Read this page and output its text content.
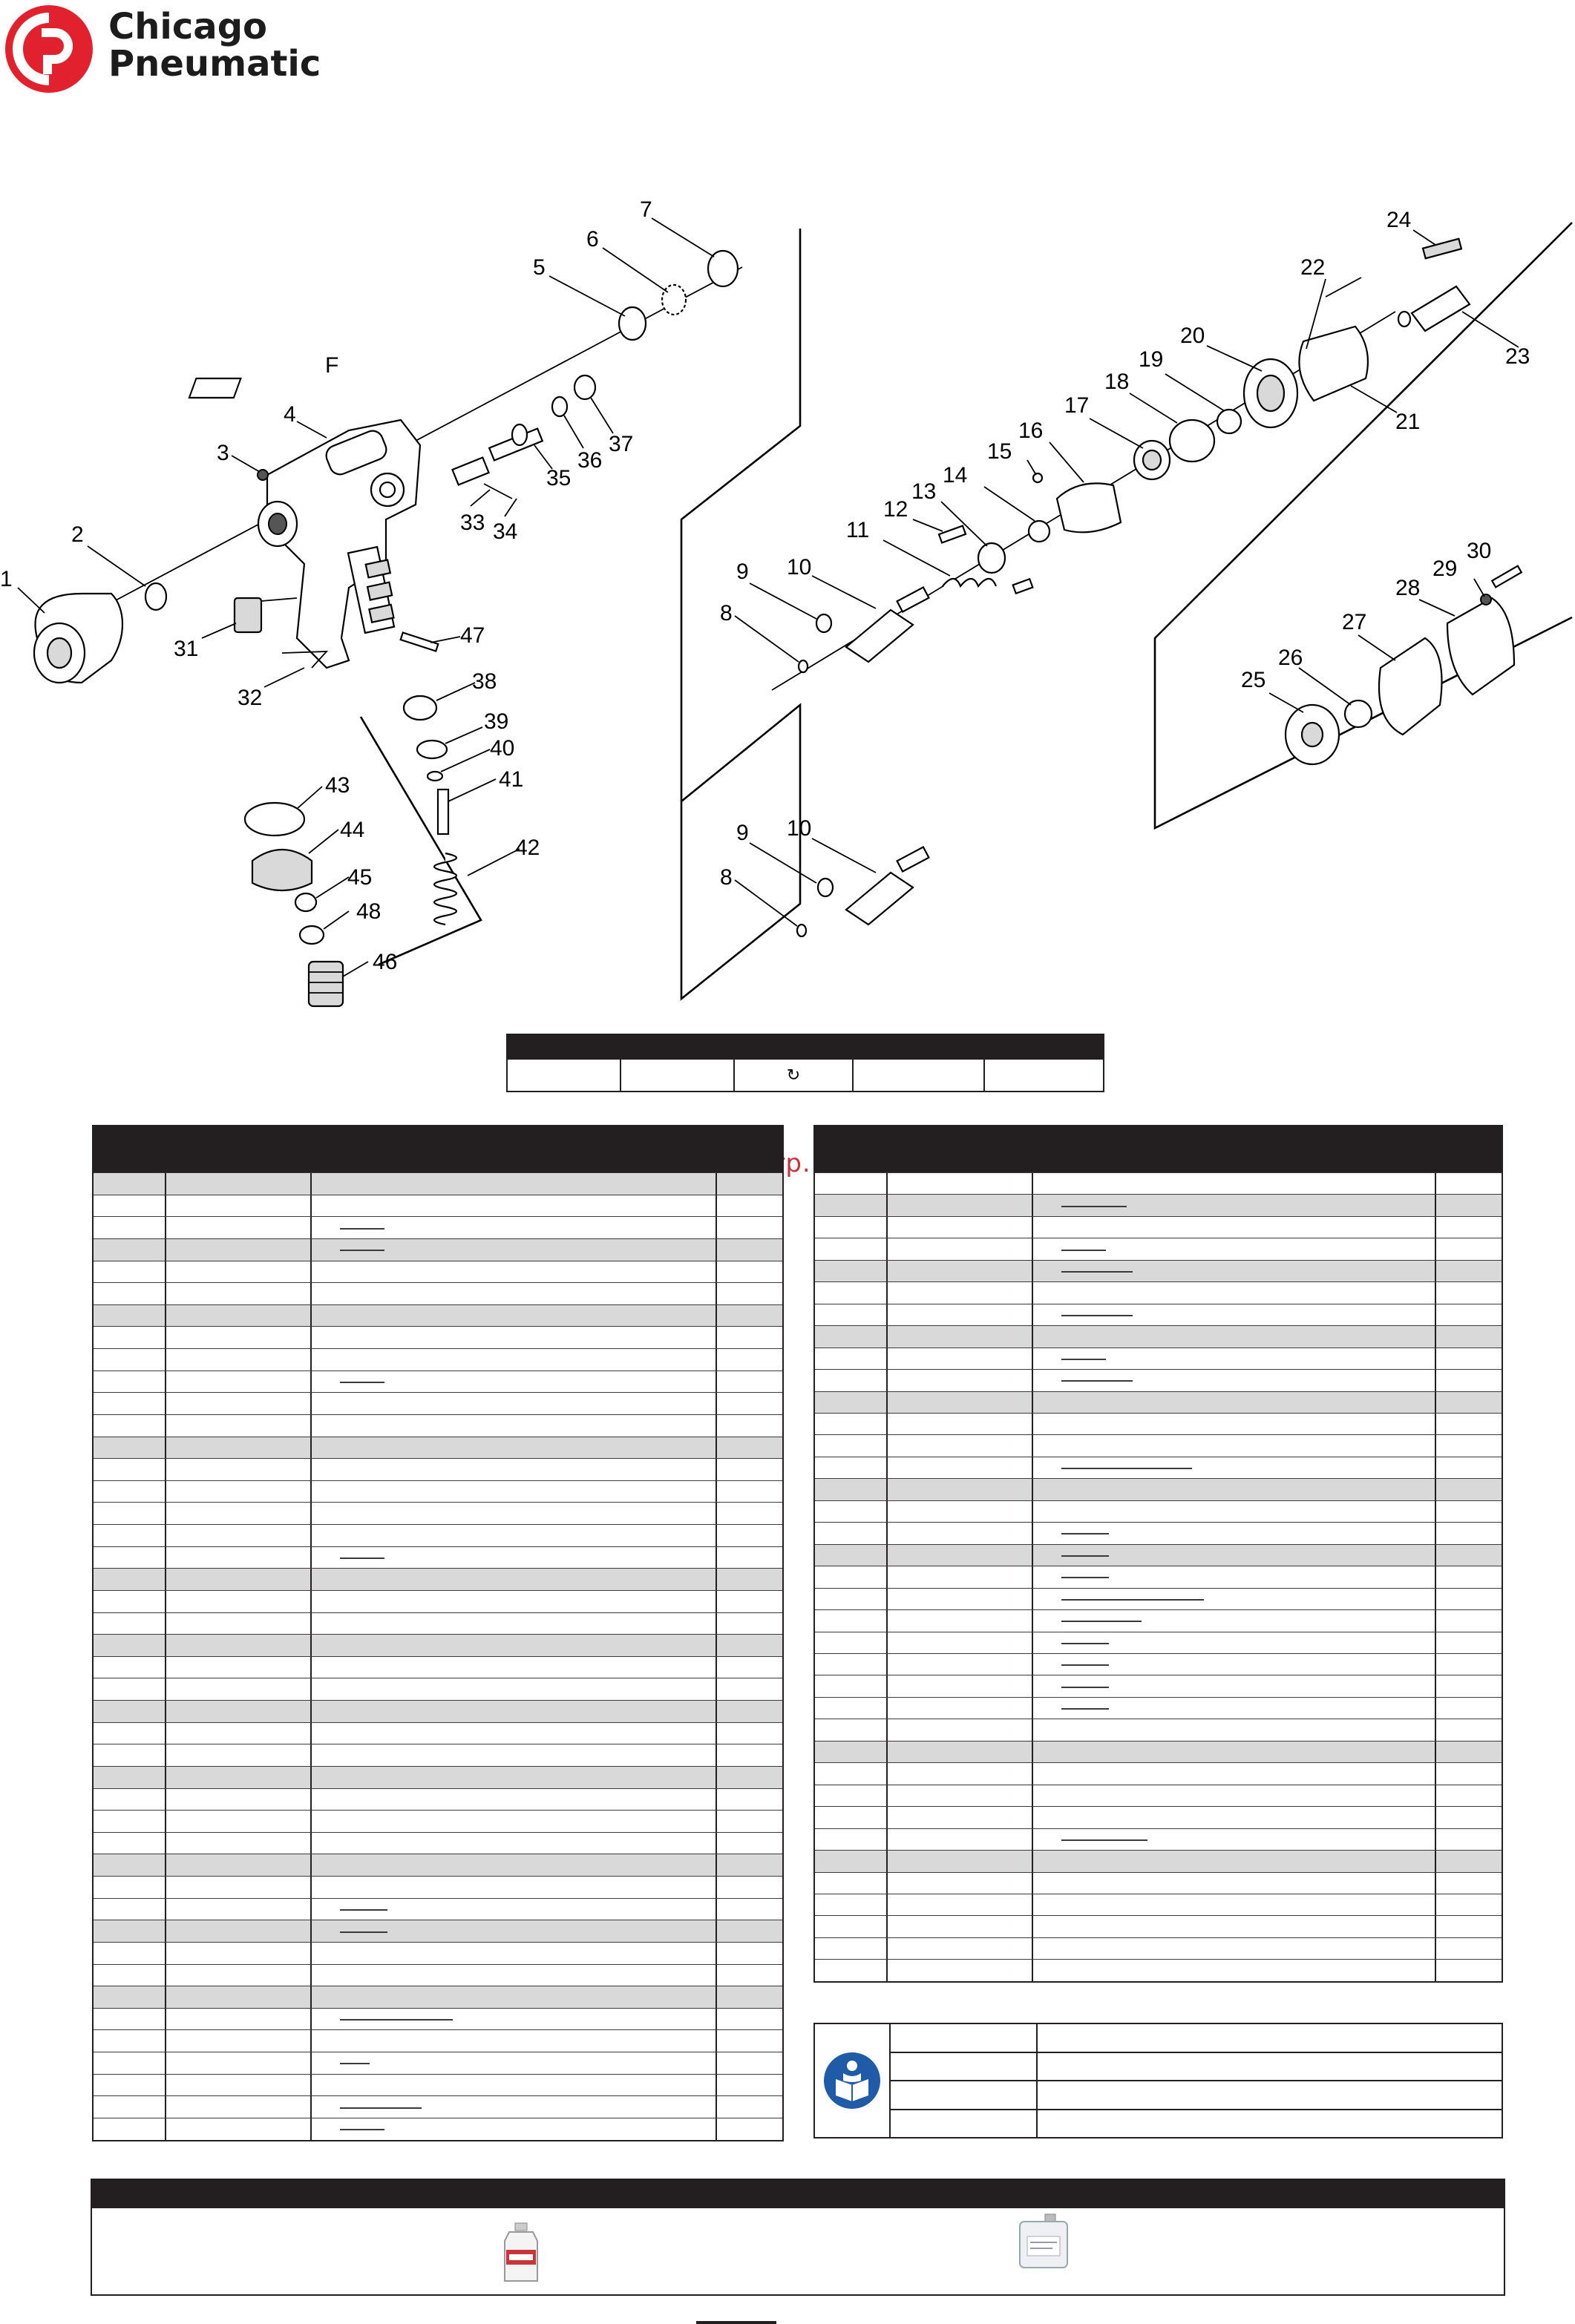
Chicago
Pneumatic
1
2
3
4
F
5
6
7
31
32
33 34
35
36
37
47
38
39
40
41
42
43
44
45
48
46
8
9 10
11
12
13
14
15
16
17
18
19
20
21
22
23
24
25
26
27
28
29
30
8
9 10
↻
